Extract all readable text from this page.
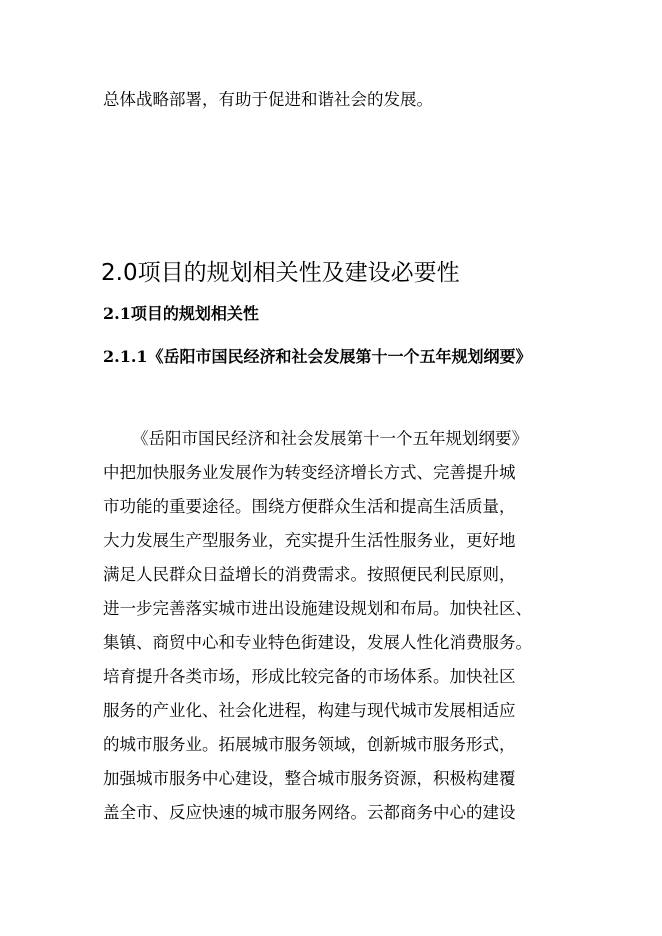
总体战略部署，有助于促进和谐社会的发展。
2.0项目的规划相关性及建设必要性
2.1项目的规划相关性
2.1.1《岳阳市国民经济和社会发展第十一个五年规划纲要》
《岳阳市国民经济和社会发展第十一个五年规划纲要》
中把加快服务业发展作为转变经济增长方式、完善提升城
市功能的重要途径。围绕方便群众生活和提高生活质量，
大力发展生产型服务业，充实提升生活性服务业，更好地
满足人民群众日益增长的消费需求。按照便民利民原则，
进一步完善落实城市进出设施建设规划和布局。加快社区、
集镇、商贸中心和专业特色街建设，发展人性化消费服务。
培育提升各类市场，形成比较完备的市场体系。加快社区
服务的产业化、社会化进程，构建与现代城市发展相适应
的城市服务业。拓展城市服务领域，创新城市服务形式，
加强城市服务中心建设，整合城市服务资源，积极构建覆
盖全市、反应快速的城市服务网络。云都商务中心的建设
